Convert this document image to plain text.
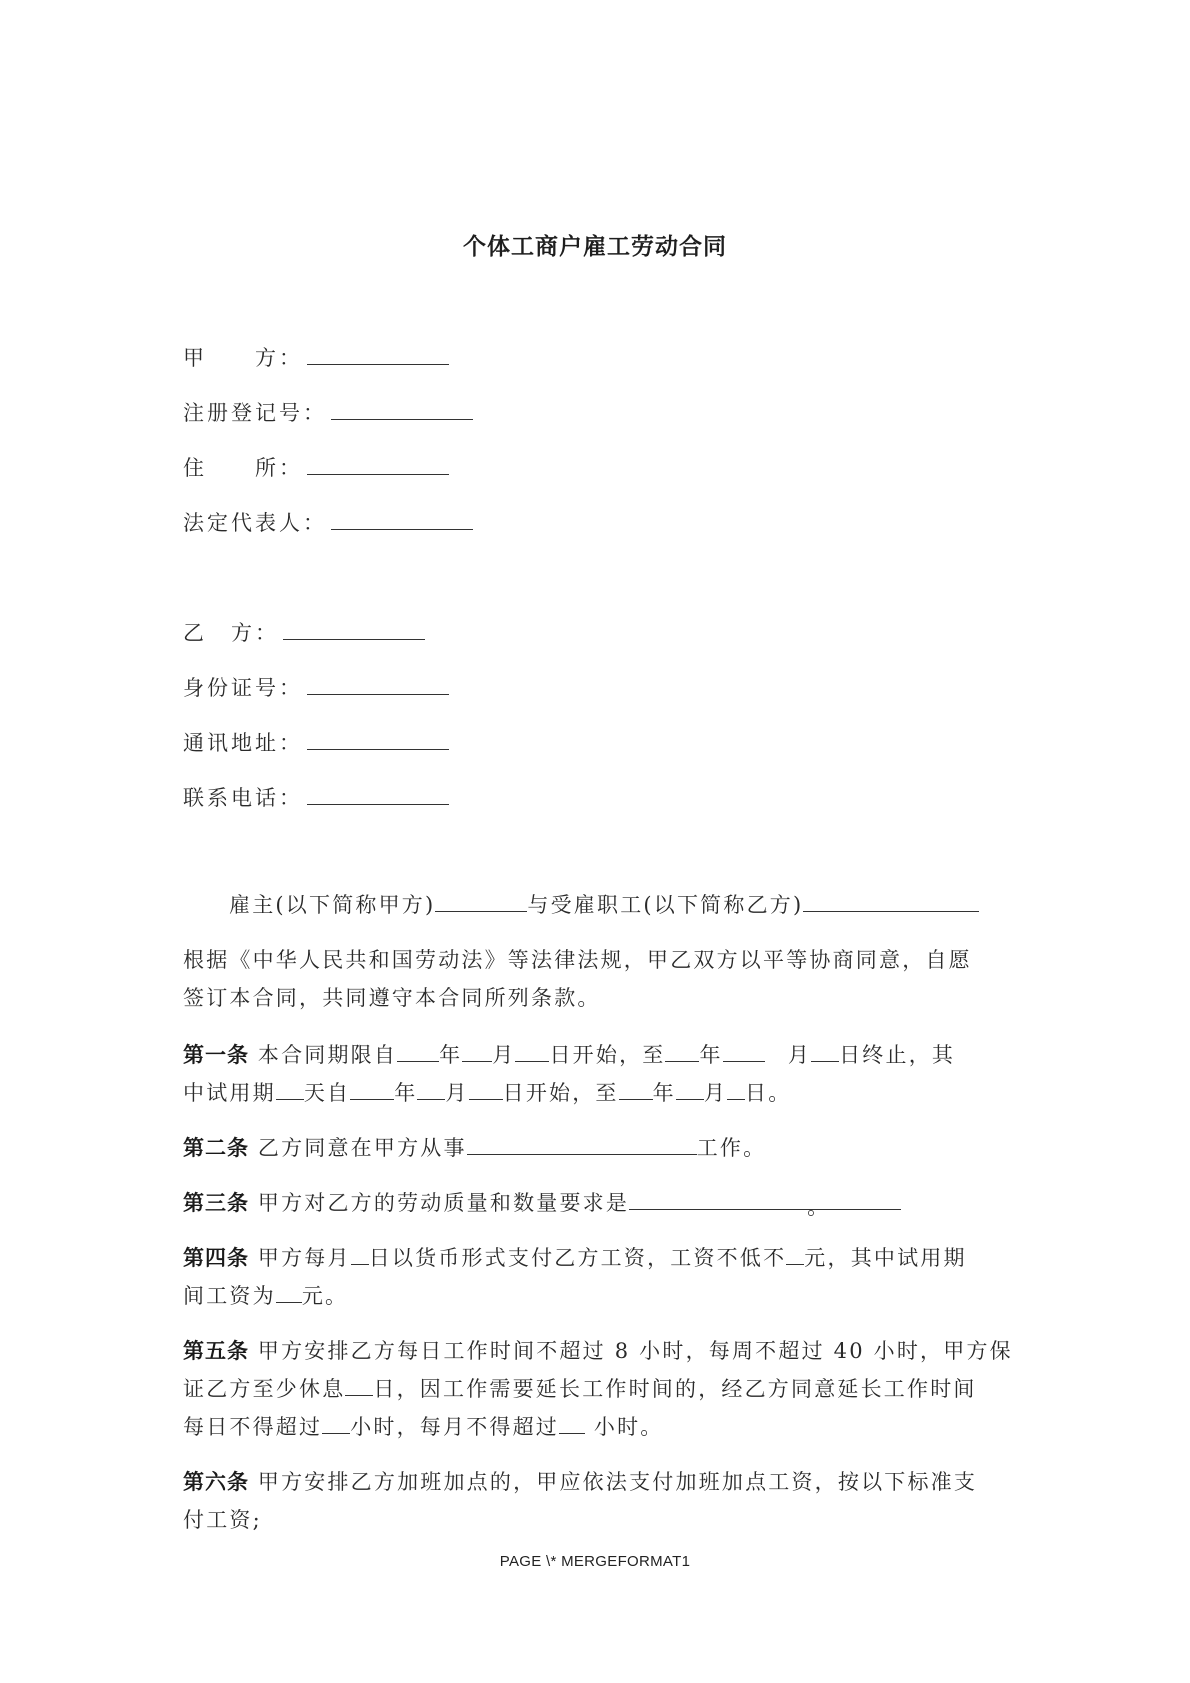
个体工商户雇工劳动合同
甲　　方：
注册登记号：
住　　所：
法定代表人：
乙　方：
身份证号：
通讯地址：
联系电话：
雇主(以下简称甲方)	与受雇职工(以下简称乙方)
根据《中华人民共和国劳动法》等法律法规，甲乙双方以平等协商同意，自愿
签订本合同，共同遵守本合同所列条款。
第一条 本合同期限自 年 月 日开始，至 年　月 日终止，其
中试用期 天自 年 月 日开始，至 年 月 日。
第二条 乙方同意在甲方从事	工作。
第三条 甲方对乙方的劳动质量和数量要求是	。
第四条 甲方每月 日以货币形式支付乙方工资，工资不低不 元，其中试用期
间工资为 元。
第五条 甲方安排乙方每日工作时间不超过 8 小时，每周不超过 40 小时，甲方保
证乙方至少休息 日，因工作需要延长工作时间的，经乙方同意延长工作时间
每日不得超过 小时，每月不得超过 小时。
第六条 甲方安排乙方加班加点的，甲应依法支付加班加点工资，按以下标准支
付工资;
PAGE \* MERGEFORMAT1
